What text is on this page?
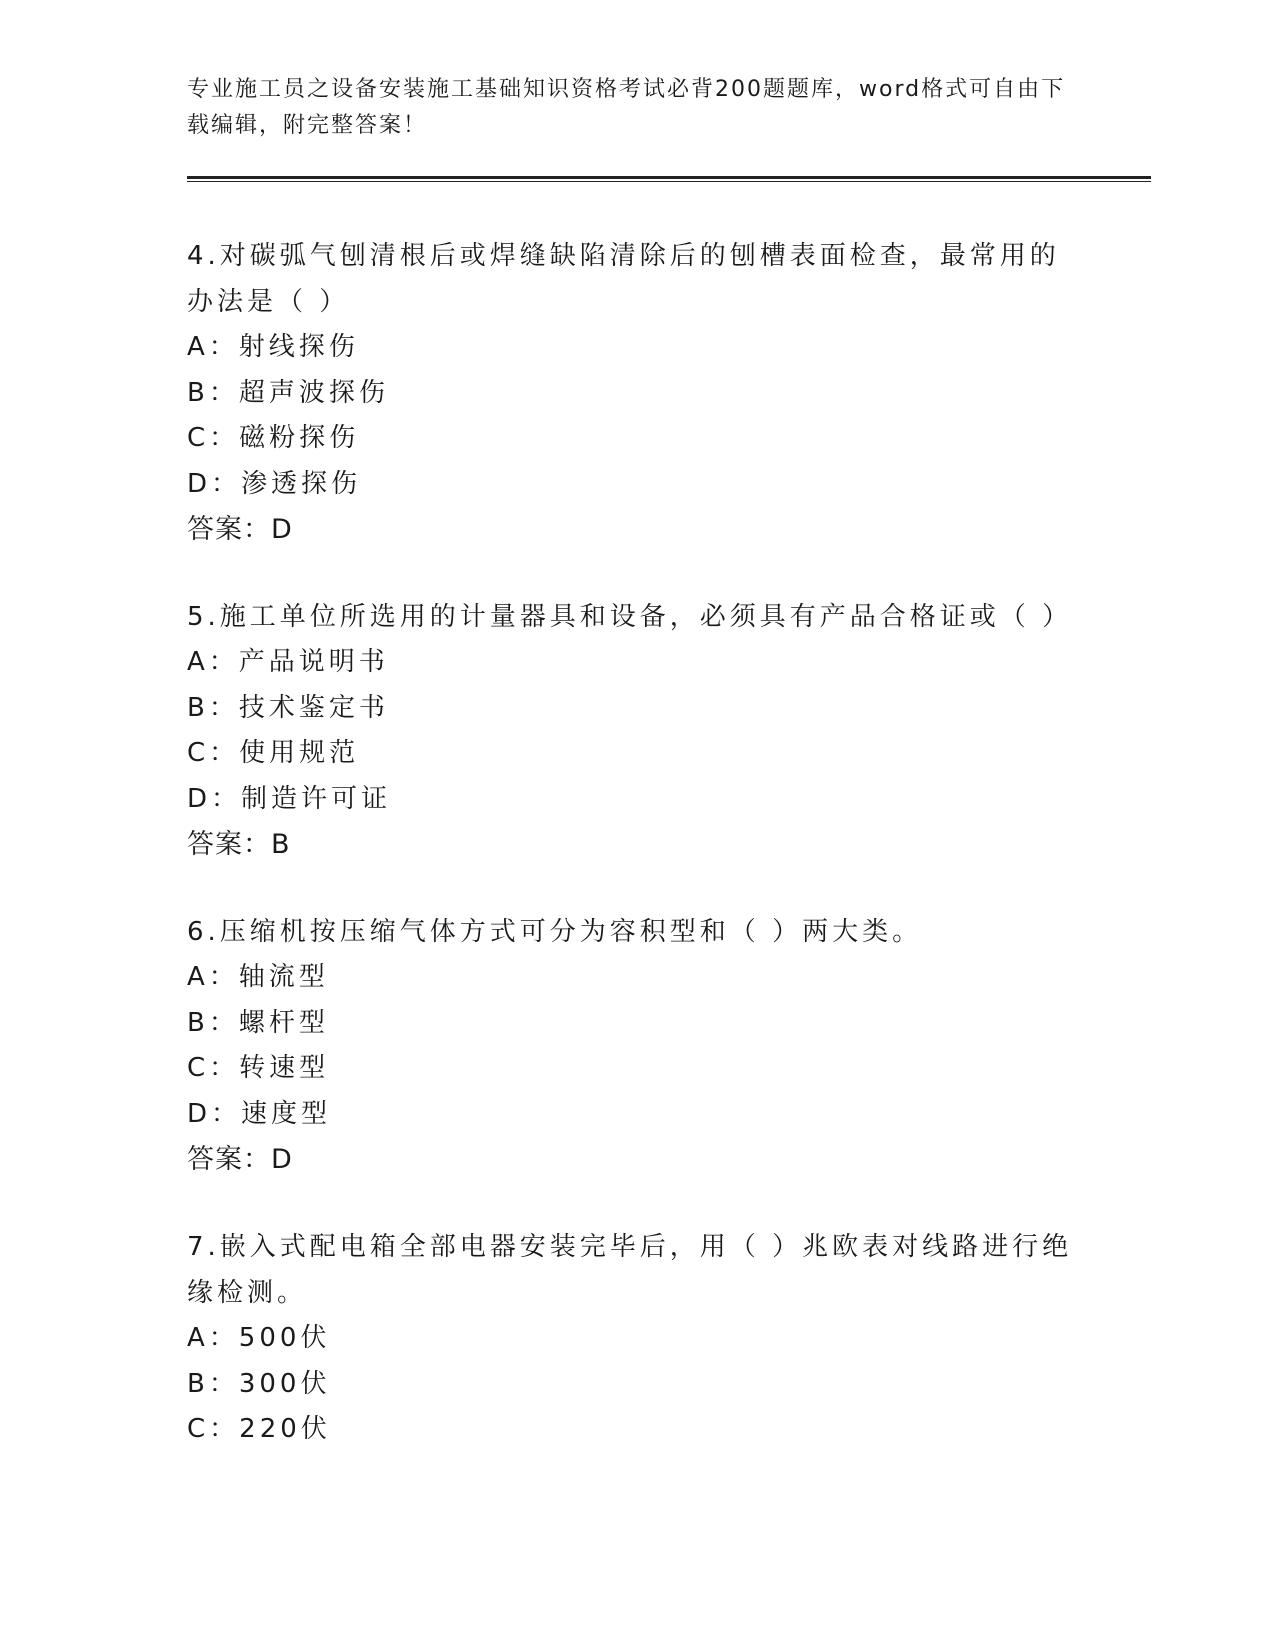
专业施工员之设备安装施工基础知识资格考试必背200题题库，word格式可自由下载编辑，附完整答案！

4.对碳弧气刨清根后或焊缝缺陷清除后的刨槽表面检查，最常用的办法是（ ）

A：射线探伤

B：超声波探伤

C：磁粉探伤

D：渗透探伤

答案：D

5.施工单位所选用的计量器具和设备，必须具有产品合格证或（ ）

A：产品说明书

B：技术鉴定书

C：使用规范

D：制造许可证

答案：B

6.压缩机按压缩气体方式可分为容积型和（ ）两大类。

A：轴流型

B：螺杆型

C：转速型

D：速度型

答案：D

7.嵌入式配电箱全部电器安装完毕后，用（ ）兆欧表对线路进行绝缘检测。

A：500伏

B：300伏

C：220伏
